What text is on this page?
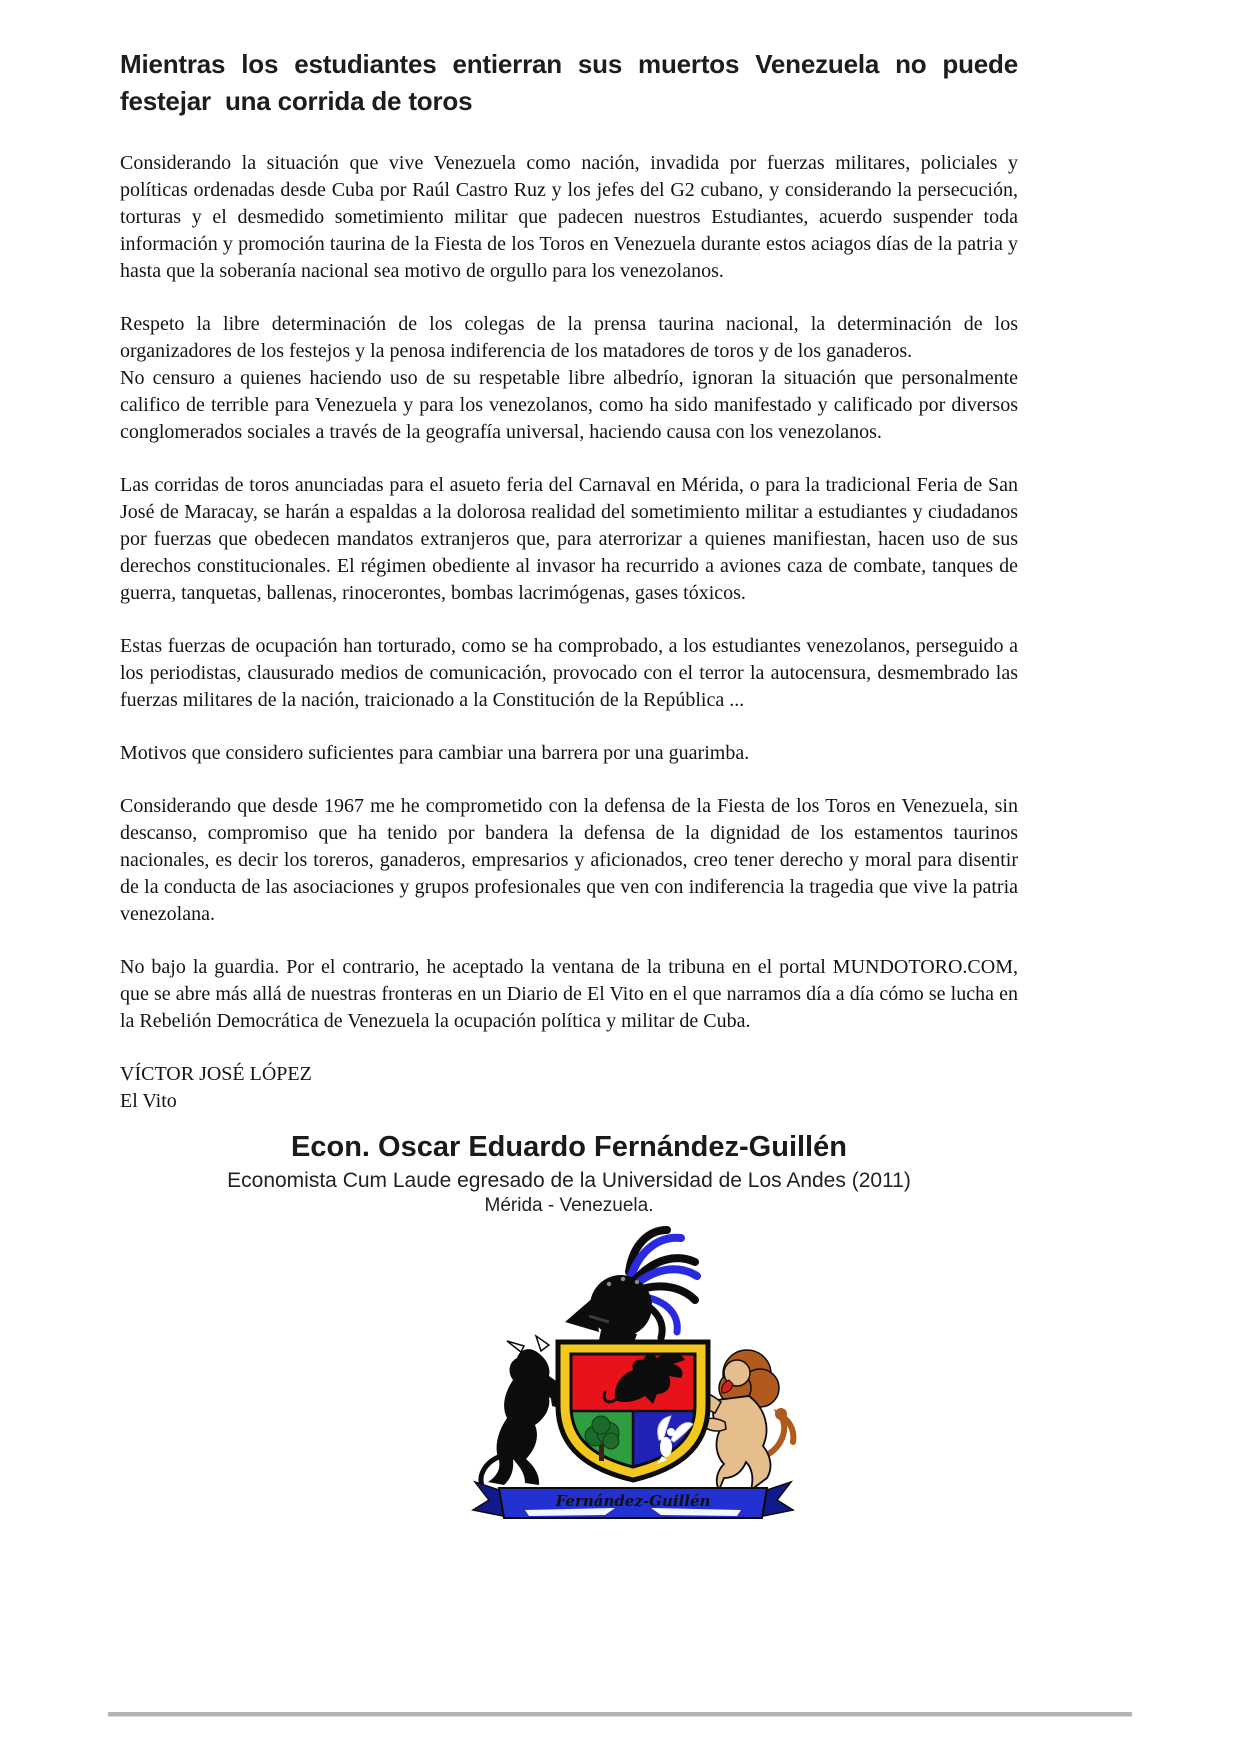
Mientras los estudiantes entierran sus muertos Venezuela no puede
festejar  una corrida de toros

Considerando la situación que vive Venezuela como nación, invadida por fuerzas militares, policiales y políticas ordenadas desde Cuba por Raúl Castro Ruz y los jefes del G2 cubano, y considerando la persecución, torturas y el desmedido sometimiento militar que padecen nuestros Estudiantes, acuerdo suspender toda información y promoción taurina de la Fiesta de los Toros en Venezuela durante estos aciagos días de la patria y hasta que la soberanía nacional sea motivo de orgullo para los venezolanos.

Respeto la libre determinación de los colegas de la prensa taurina nacional, la determinación de los organizadores de los festejos y la penosa indiferencia de los matadores de toros y de los ganaderos.

No censuro a quienes haciendo uso de su respetable libre albedrío, ignoran la situación que personalmente califico de terrible para Venezuela y para los venezolanos, como ha sido manifestado y calificado por diversos conglomerados sociales a través de la geografía universal, haciendo causa con los venezolanos.

Las corridas de toros anunciadas para el asueto feria del Carnaval en Mérida, o para la tradicional Feria de San José de Maracay, se harán a espaldas a la dolorosa realidad del sometimiento militar a estudiantes y ciudadanos por fuerzas que obedecen mandatos extranjeros que, para aterrorizar a quienes manifiestan, hacen uso de sus derechos constitucionales. El régimen obediente al invasor ha recurrido a aviones caza de combate, tanques de guerra, tanquetas, ballenas, rinocerontes, bombas lacrimógenas, gases tóxicos.

Estas fuerzas de ocupación han torturado, como se ha comprobado, a los estudiantes venezolanos, perseguido a los periodistas, clausurado medios de comunicación, provocado con el terror la autocensura, desmembrado las fuerzas militares de la nación, traicionado a la Constitución de la República ...

Motivos que considero suficientes para cambiar una barrera por una guarimba.

Considerando que desde 1967 me he comprometido con la defensa de la Fiesta de los Toros en Venezuela, sin descanso, compromiso que ha tenido por bandera la defensa de la dignidad de los estamentos taurinos nacionales, es decir los toreros, ganaderos, empresarios y aficionados, creo tener derecho y moral para disentir de la conducta de las asociaciones y grupos profesionales que ven con indiferencia la tragedia que vive la patria venezolana.

No bajo la guardia. Por el contrario, he aceptado la ventana de la tribuna en el portal MUNDOTORO.COM, que se abre más allá de nuestras fronteras en un Diario de El Vito en el que narramos día a día cómo se lucha en la Rebelión Democrática de Venezuela la ocupación política y militar de Cuba.

VÍCTOR JOSÉ LÓPEZ
El Vito
Econ. Oscar Eduardo Fernández-Guillén
Economista Cum Laude egresado de la Universidad de Los Andes (2011)
Mérida - Venezuela.
Fernández-Guillén
